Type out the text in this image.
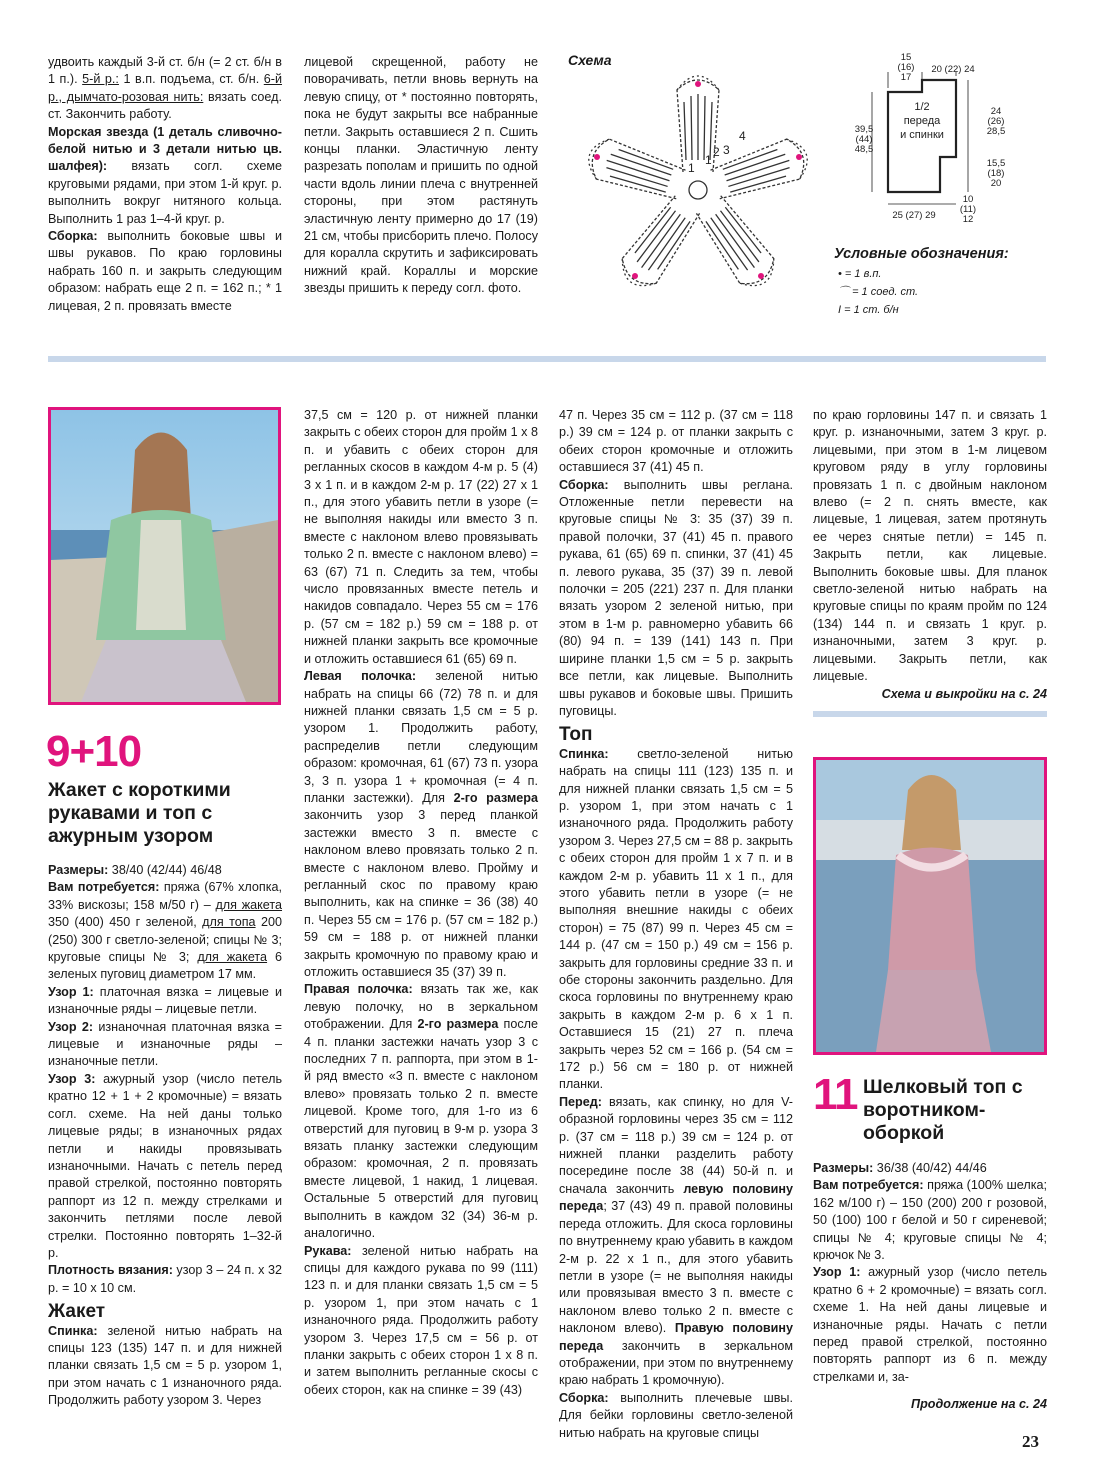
удвоить каждый 3-й ст. б/н (= 2 ст. б/н в 1 п.). 5-й р.: 1 в.п. подъема, ст. б/н. 6-й р., дымчато-розовая нить: вязать соед. ст. Закончить работу.

Морская звезда (1 деталь сливочно-белой нитью и 3 детали нитью цв. шалфея): вязать согл. схеме круговыми рядами, при этом 1-й круг. р. выполнить вокруг нитяного кольца. Выполнить 1 раз 1–4-й круг. р.

Сборка: выполнить боковые швы и швы рукавов. По краю горловины набрать 160 п. и закрыть следующим образом: набрать еще 2 п. = 162 п.; * 1 лицевая, 2 п. провязать вместе

лицевой скрещенной, работу не поворачивать, петли вновь вернуть на левую спицу, от * постоянно повторять, пока не будут закрыты все набранные петли. Закрыть оставшиеся 2 п. Сшить концы планки. Эластичную ленту разрезать пополам и пришить по одной части вдоль линии плеча с внутренней стороны, при этом растянуть эластичную ленту примерно до 17 (19) 21 см, чтобы присборить плечо. Полосу для коралла скрутить и зафиксировать нижний край. Кораллы и морские звезды пришить к переду согл. фото.

Схема
1
2 3
4
1
15
(16)
17
20 (22) 24
39,5
(44)
48,5
24
(26)
28,5
15,5
(18)
20
25 (27) 29
10
(11)
12
1/2
переда
и спинки
Условные обозначения:
• = 1 в.п.
⌒ = 1 соед. ст.
I = 1 ст. б/н
9+10
Жакет с короткими рукавами и топ с ажурным узором

Размеры: 38/40 (42/44) 46/48

Вам потребуется: пряжа (67% хлопка, 33% вискозы; 158 м/50 г) – для жакета 350 (400) 450 г зеленой, для топа 200 (250) 300 г светло-зеленой; спицы № 3; круговые спицы № 3; для жакета 6 зеленых пуговиц диаметром 17 мм.

Узор 1: платочная вязка = лицевые и изнаночные ряды – лицевые петли.

Узор 2: изнаночная платочная вязка = лицевые и изнаночные ряды – изнаночные петли.

Узор 3: ажурный узор (число петель кратно 12 + 1 + 2 кромочные) = вязать согл. схеме. На ней даны только лицевые ряды; в изнаночных рядах петли и накиды провязывать изнаночными. Начать с петель перед правой стрелкой, постоянно повторять раппорт из 12 п. между стрелками и закончить петлями после левой стрелки. Постоянно повторять 1–32-й р.

Плотность вязания: узор 3 – 24 п. x 32 р. = 10 x 10 см.

Жакет

Спинка: зеленой нитью набрать на спицы 123 (135) 147 п. и для нижней планки связать 1,5 см = 5 р. узором 1, при этом начать с 1 изнаночного ряда. Продолжить работу узором 3. Через

37,5 см = 120 р. от нижней планки закрыть с обеих сторон для пройм 1 x 8 п. и убавить с обеих сторон для регланных скосов в каждом 4-м р. 5 (4) 3 x 1 п. и в каждом 2-м р. 17 (22) 27 x 1 п., для этого убавить петли в узоре (= не выполняя накиды или вместо 3 п. вместе с наклоном влево провязывать только 2 п. вместе с наклоном влево) = 63 (67) 71 п. Следить за тем, чтобы число провязанных вместе петель и накидов совпадало. Через 55 см = 176 р. (57 см = 182 р.) 59 см = 188 р. от нижней планки закрыть все кромочные и отложить оставшиеся 61 (65) 69 п.

Левая полочка: зеленой нитью набрать на спицы 66 (72) 78 п. и для нижней планки связать 1,5 см = 5 р. узором 1. Продолжить работу, распределив петли следующим образом: кромочная, 61 (67) 73 п. узора 3, 3 п. узора 1 + кромочная (= 4 п. планки застежки). Для 2-го размера закончить узор 3 перед планкой застежки вместо 3 п. вместе с наклоном влево провязать только 2 п. вместе с наклоном влево. Пройму и регланный скос по правому краю выполнить, как на спинке = 36 (38) 40 п. Через 55 см = 176 р. (57 см = 182 р.) 59 см = 188 р. от нижней планки закрыть кромочную по правому краю и отложить оставшиеся 35 (37) 39 п.

Правая полочка: вязать так же, как левую полочку, но в зеркальном отображении. Для 2-го размера после 4 п. планки застежки начать узор 3 с последних 7 п. раппорта, при этом в 1-й ряд вместо «3 п. вместе с наклоном влево» провязать только 2 п. вместе лицевой. Кроме того, для 1-го из 6 отверстий для пуговиц в 9-м р. узора 3 вязать планку застежки следующим образом: кромочная, 2 п. провязать вместе лицевой, 1 накид, 1 лицевая. Остальные 5 отверстий для пуговиц выполнить в каждом 32 (34) 36-м р. аналогично.

Рукава: зеленой нитью набрать на спицы для каждого рукава по 99 (111) 123 п. и для планки связать 1,5 см = 5 р. узором 1, при этом начать с 1 изнаночного ряда. Продолжить работу узором 3. Через 17,5 см = 56 р. от планки закрыть с обеих сторон 1 x 8 п. и затем выполнить регланные скосы с обеих сторон, как на спинке = 39 (43)

47 п. Через 35 см = 112 р. (37 см = 118 р.) 39 см = 124 р. от планки закрыть с обеих сторон кромочные и отложить оставшиеся 37 (41) 45 п.

Сборка: выполнить швы реглана. Отложенные петли перевести на круговые спицы № 3: 35 (37) 39 п. правой полочки, 37 (41) 45 п. правого рукава, 61 (65) 69 п. спинки, 37 (41) 45 п. левого рукава, 35 (37) 39 п. левой полочки = 205 (221) 237 п. Для планки вязать узором 2 зеленой нитью, при этом в 1-м р. равномерно убавить 66 (80) 94 п. = 139 (141) 143 п. При ширине планки 1,5 см = 5 р. закрыть все петли, как лицевые. Выполнить швы рукавов и боковые швы. Пришить пуговицы.

Топ

Спинка: светло-зеленой нитью набрать на спицы 111 (123) 135 п. и для нижней планки связать 1,5 см = 5 р. узором 1, при этом начать с 1 изнаночного ряда. Продолжить работу узором 3. Через 27,5 см = 88 р. закрыть с обеих сторон для пройм 1 x 7 п. и в каждом 2-м р. убавить 11 x 1 п., для этого убавить петли в узоре (= не выполняя внешние накиды с обеих сторон) = 75 (87) 99 п. Через 45 см = 144 р. (47 см = 150 р.) 49 см = 156 р. закрыть для горловины средние 33 п. и обе стороны закончить раздельно. Для скоса горловины по внутреннему краю закрыть в каждом 2-м р. 6 x 1 п. Оставшиеся 15 (21) 27 п. плеча закрыть через 52 см = 166 р. (54 см = 172 р.) 56 см = 180 р. от нижней планки.

Перед: вязать, как спинку, но для V-образной горловины через 35 см = 112 р. (37 см = 118 р.) 39 см = 124 р. от нижней планки разделить работу посередине после 38 (44) 50-й п. и сначала закончить левую половину переда; 37 (43) 49 п. правой половины переда отложить. Для скоса горловины по внутреннему краю убавить в каждом 2-м р. 22 x 1 п., для этого убавить петли в узоре (= не выполняя накиды или провязывая вместо 3 п. вместе с наклоном влево только 2 п. вместе с наклоном влево). Правую половину переда закончить в зеркальном отображении, при этом по внутреннему краю набрать 1 кромочную).

Сборка: выполнить плечевые швы. Для бейки горловины светло-зеленой нитью набрать на круговые спицы

по краю горловины 147 п. и связать 1 круг. р. изнаночными, затем 3 круг. р. лицевыми, при этом в 1-м лицевом круговом ряду в углу горловины провязать 1 п. с двойным наклоном влево (= 2 п. снять вместе, как лицевые, 1 лицевая, затем протянуть ее через снятые петли) = 145 п. Закрыть петли, как лицевые. Выполнить боковые швы. Для планок светло-зеленой нитью набрать на круговые спицы по краям пройм по 124 (134) 144 п. и связать 1 круг. р. изнаночными, затем 3 круг. р. лицевыми. Закрыть петли, как лицевые.

Схема и выкройки на с. 24

11 Шелковый топ с воротником-оборкой

Размеры: 36/38 (40/42) 44/46

Вам потребуется: пряжа (100% шелка; 162 м/100 г) – 150 (200) 200 г розовой, 50 (100) 100 г белой и 50 г сиреневой; спицы № 4; круговые спицы № 4; крючок № 3.

Узор 1: ажурный узор (число петель кратно 6 + 2 кромочные) = вязать согл. схеме 1. На ней даны лицевые и изнаночные ряды. Начать с петли перед правой стрелкой, постоянно повторять раппорт из 6 п. между стрелками и, за-

Продолжение на с. 24

23
